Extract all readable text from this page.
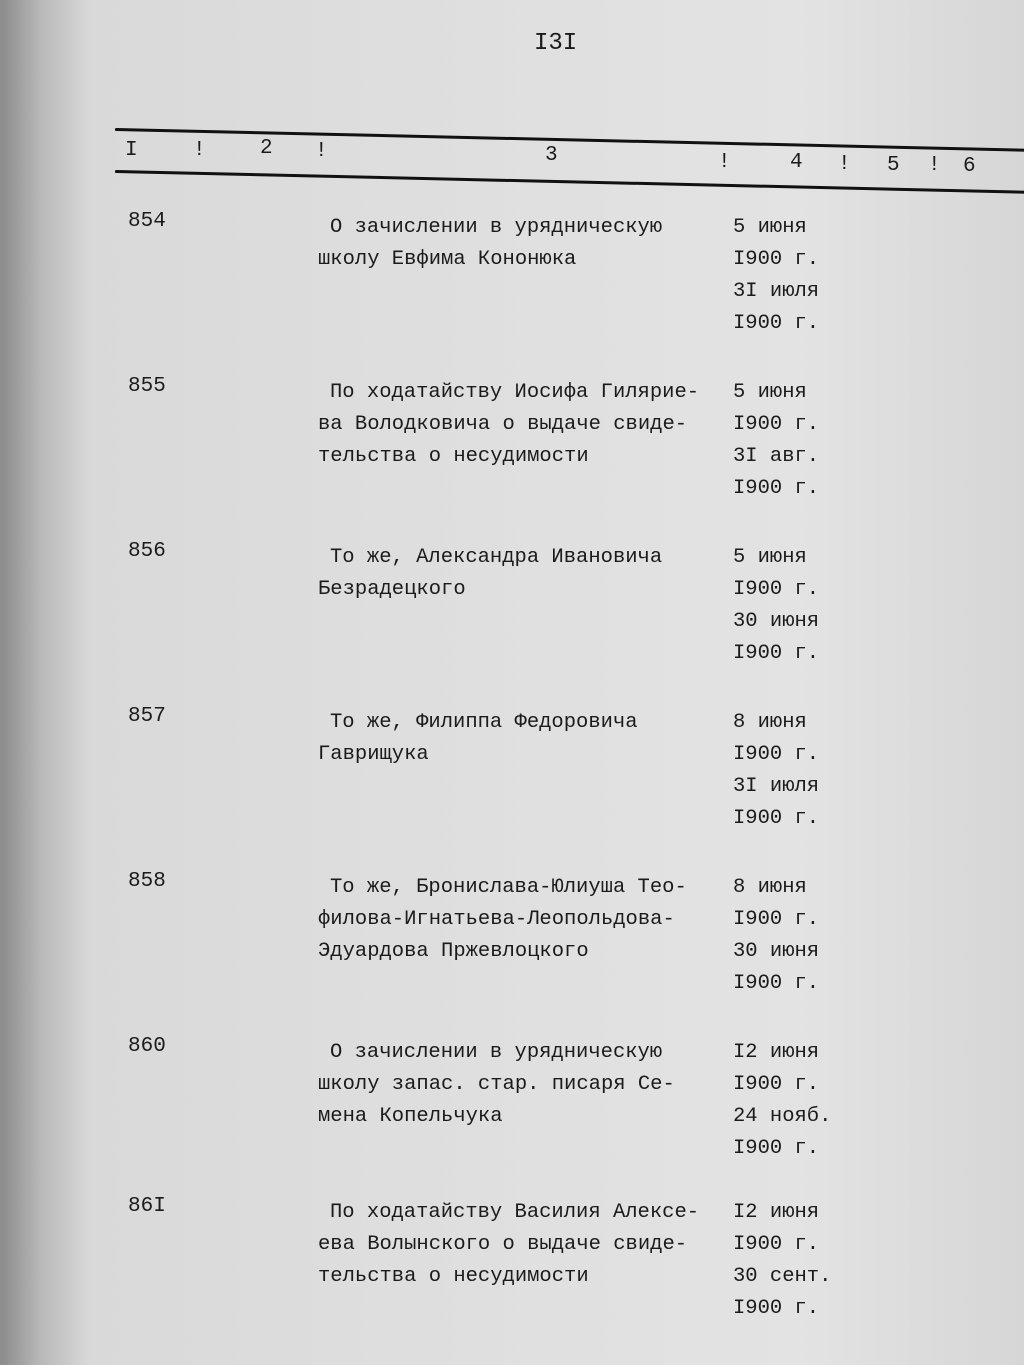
I3I
I	!	2 !	3	!	4 ! 5 ! 6
854	О зачислении в урядническую
школу Евфима Кононюка
5 июня
I900 г.
3I июля
I900 г.
855	По ходатайству Иосифа Гилярие-
ва Володковича о выдаче свиде-
тельства о несудимости
5 июня
I900 г.
3I авг.
I900 г.
856	То же, Александра Ивановича
Безрадецкого
5 июня
I900 г.
30 июня
I900 г.
857	То же, Филиппа Федоровича
Гаврищука
8 июня
I900 г.
3I июля
I900 г.
858	То же, Бронислава-Юлиуша Тео-
филова-Игнатьева-Леопольдова-
Эдуардова Пржевлоцкого
8 июня
I900 г.
30 июня
I900 г.
860	О зачислении в урядническую
школу запас. стар. писаря Се-
мена Копельчука
I2 июня
I900 г.
24 нояб.
I900 г.
86I	По ходатайству Василия Алексе-
ева Волынского о выдаче свиде-
тельства о несудимости
I2 июня
I900 г.
30 сент.
I900 г.
